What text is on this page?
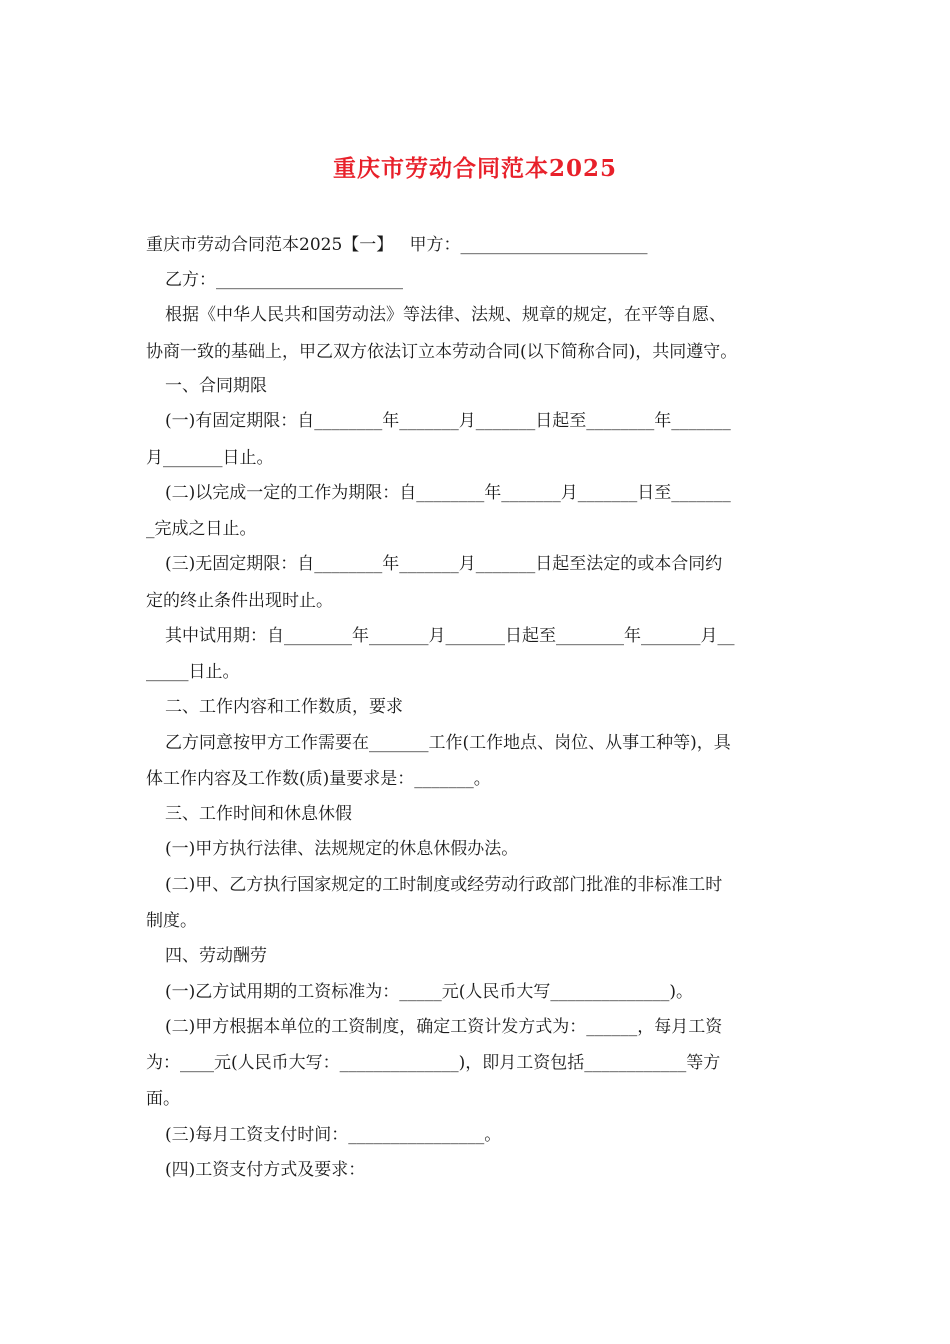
重庆市劳动合同范本2025
重庆市劳动合同范本2025【一】   甲方：______________________
乙方：______________________
根据《中华人民共和国劳动法》等法律、法规、规章的规定，在平等自愿、
协商一致的基础上，甲乙双方依法订立本劳动合同(以下简称合同)，共同遵守。
一、合同期限
(一)有固定期限：自________年_______月_______日起至________年_______
月_______日止。
(二)以完成一定的工作为期限：自________年_______月_______日至_______
_完成之日止。
(三)无固定期限：自________年_______月_______日起至法定的或本合同约
定的终止条件出现时止。
其中试用期：自________年_______月_______日起至________年_______月__
_____日止。
二、工作内容和工作数质，要求
乙方同意按甲方工作需要在_______工作(工作地点、岗位、从事工种等)，具
体工作内容及工作数(质)量要求是：_______。
三、工作时间和休息休假
(一)甲方执行法律、法规规定的休息休假办法。
(二)甲、乙方执行国家规定的工时制度或经劳动行政部门批准的非标准工时
制度。
四、劳动酬劳
(一)乙方试用期的工资标准为：_____元(人民币大写______________)。
(二)甲方根据本单位的工资制度，确定工资计发方式为：______，每月工资
为：____元(人民币大写：______________)，即月工资包括____________等方
面。
(三)每月工资支付时间：________________。
(四)工资支付方式及要求：
